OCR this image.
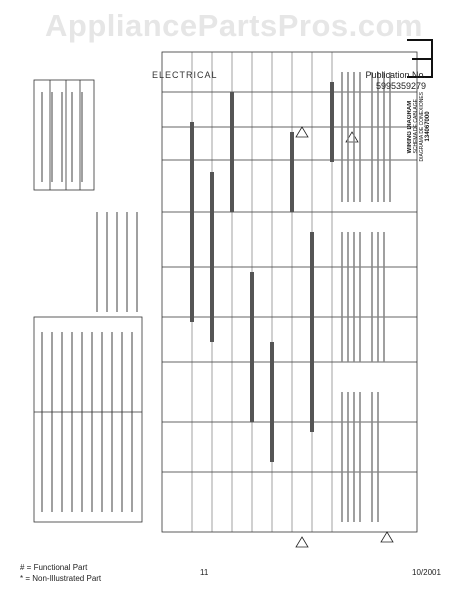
AppliancePartsPros.com
ELECTRICAL	Publication No.
5995359279
WIRING DIAGRAM SCHEMA DE CABLAGE DIAGRAMA DE CONEXIONES 134067000
# = Functional Part
* = Non-Illustrated Part
11	10/2001
